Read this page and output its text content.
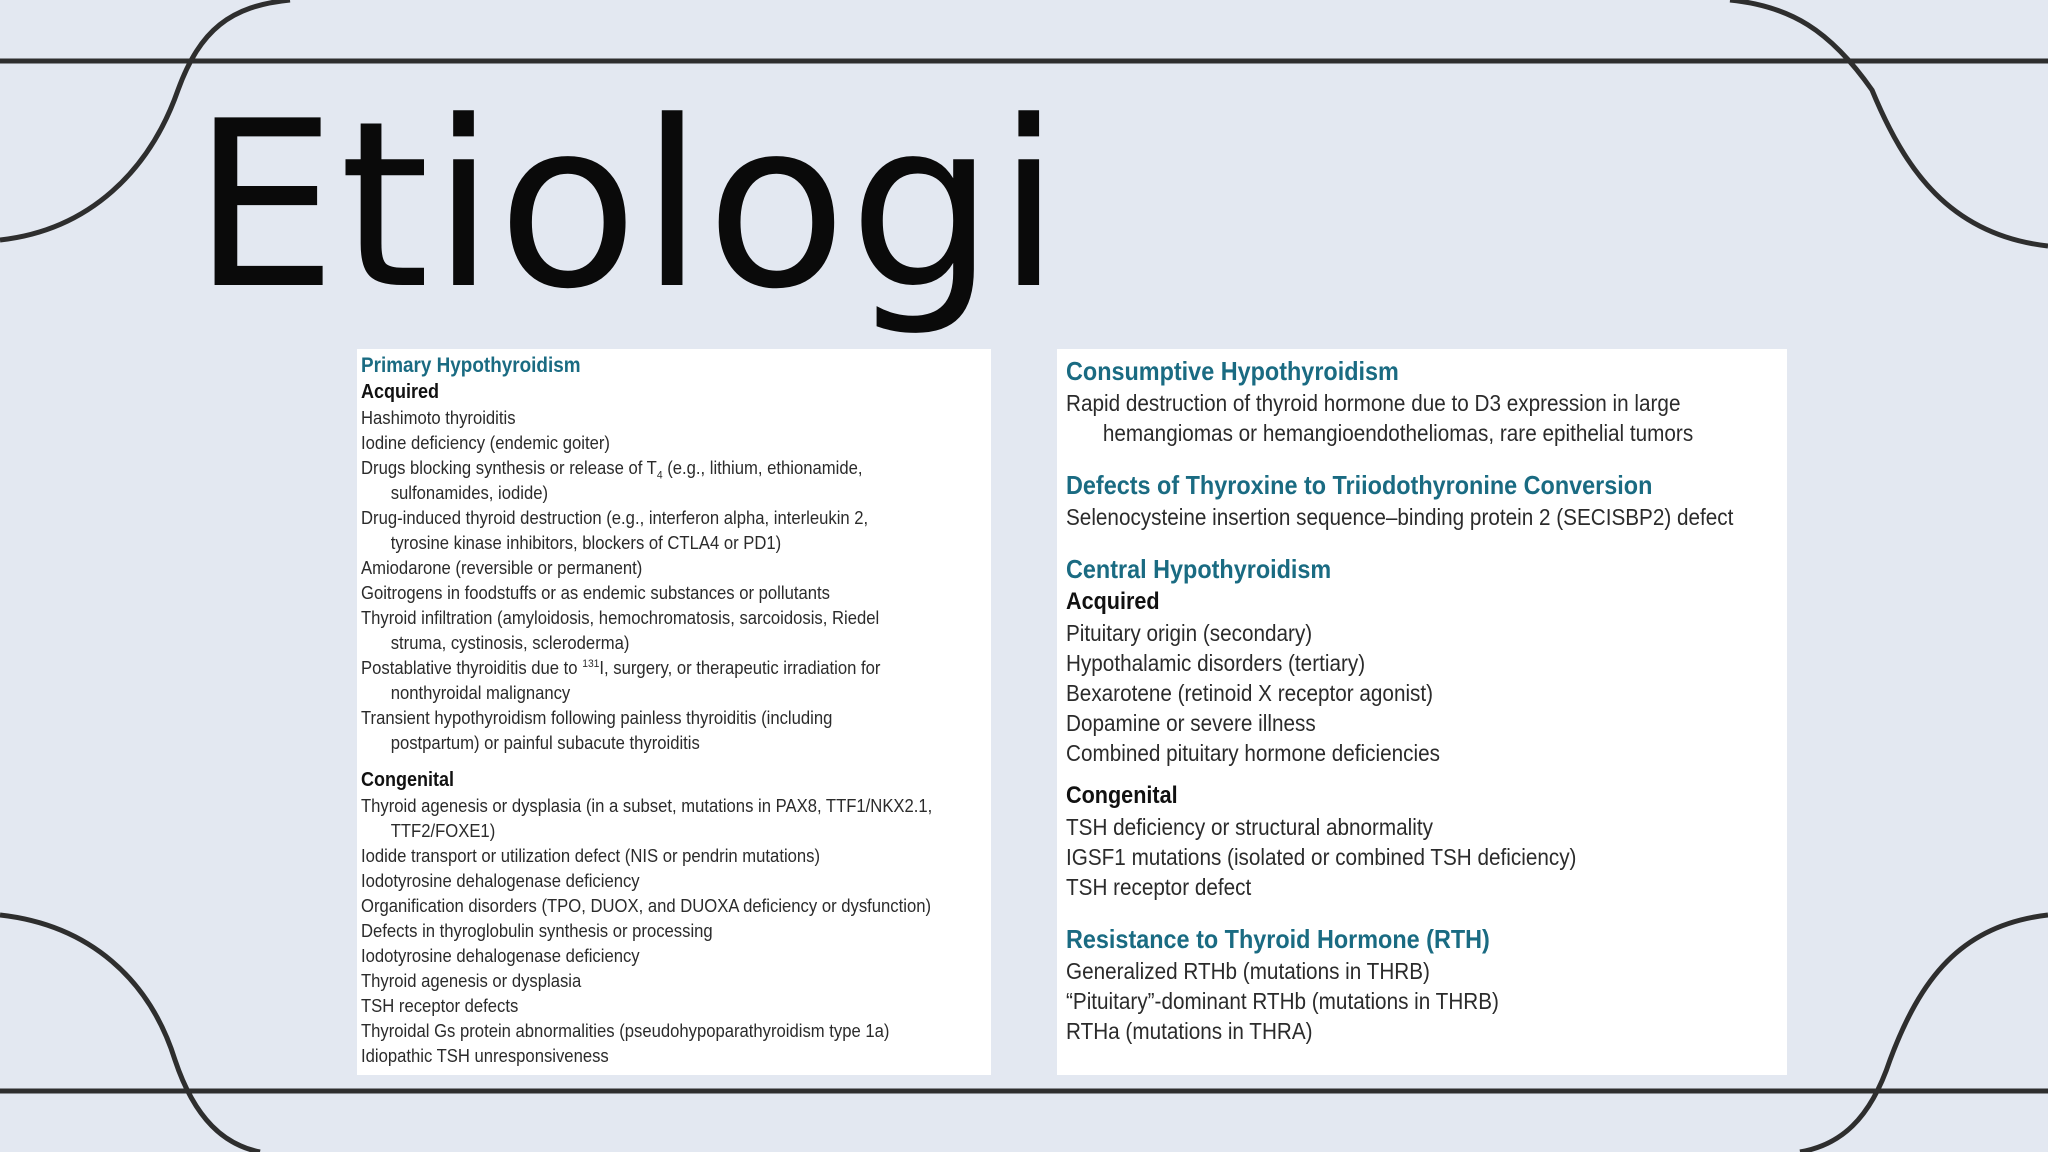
Etiologi
Primary Hypothyroidism
Acquired
Hashimoto thyroiditis
Iodine deficiency (endemic goiter)
Drugs blocking synthesis or release of $T_4$ (e.g., lithium, ethionamide,
sulfonamides, iodide)
Drug-induced thyroid destruction (e.g., interferon alpha, interleukin 2,
tyrosine kinase inhibitors, blockers of CTLA4 or PD1)
Amiodarone (reversible or permanent)
Goitrogens in foodstuffs or as endemic substances or pollutants
Thyroid infiltration (amyloidosis, hemochromatosis, sarcoidosis, Riedel
struma, cystinosis, scleroderma)
Postablative thyroiditis due to $^{131}$I, surgery, or therapeutic irradiation for
nonthyroidal malignancy
Transient hypothyroidism following painless thyroiditis (including
postpartum) or painful subacute thyroiditis
Congenital
Thyroid agenesis or dysplasia (in a subset, mutations in PAX8, TTF1/NKX2.1,
TTF2/FOXE1)
Iodide transport or utilization defect (NIS or pendrin mutations)
Iodotyrosine dehalogenase deficiency
Organification disorders (TPO, DUOX, and DUOXA deficiency or dysfunction)
Defects in thyroglobulin synthesis or processing
Iodotyrosine dehalogenase deficiency
Thyroid agenesis or dysplasia
TSH receptor defects
Thyroidal Gs protein abnormalities (pseudohypoparathyroidism type 1a)
Idiopathic TSH unresponsiveness
Consumptive Hypothyroidism
Rapid destruction of thyroid hormone due to D3 expression in large
hemangiomas or hemangioendotheliomas, rare epithelial tumors
Defects of Thyroxine to Triiodothyronine Conversion
Selenocysteine insertion sequence–binding protein 2 (SECISBP2) defect
Central Hypothyroidism
Acquired
Pituitary origin (secondary)
Hypothalamic disorders (tertiary)
Bexarotene (retinoid X receptor agonist)
Dopamine or severe illness
Combined pituitary hormone deficiencies
Congenital
TSH deficiency or structural abnormality
IGSF1 mutations (isolated or combined TSH deficiency)
TSH receptor defect
Resistance to Thyroid Hormone (RTH)
Generalized RTHb (mutations in THRB)
“Pituitary”-dominant RTHb (mutations in THRB)
RTHa (mutations in THRA)
